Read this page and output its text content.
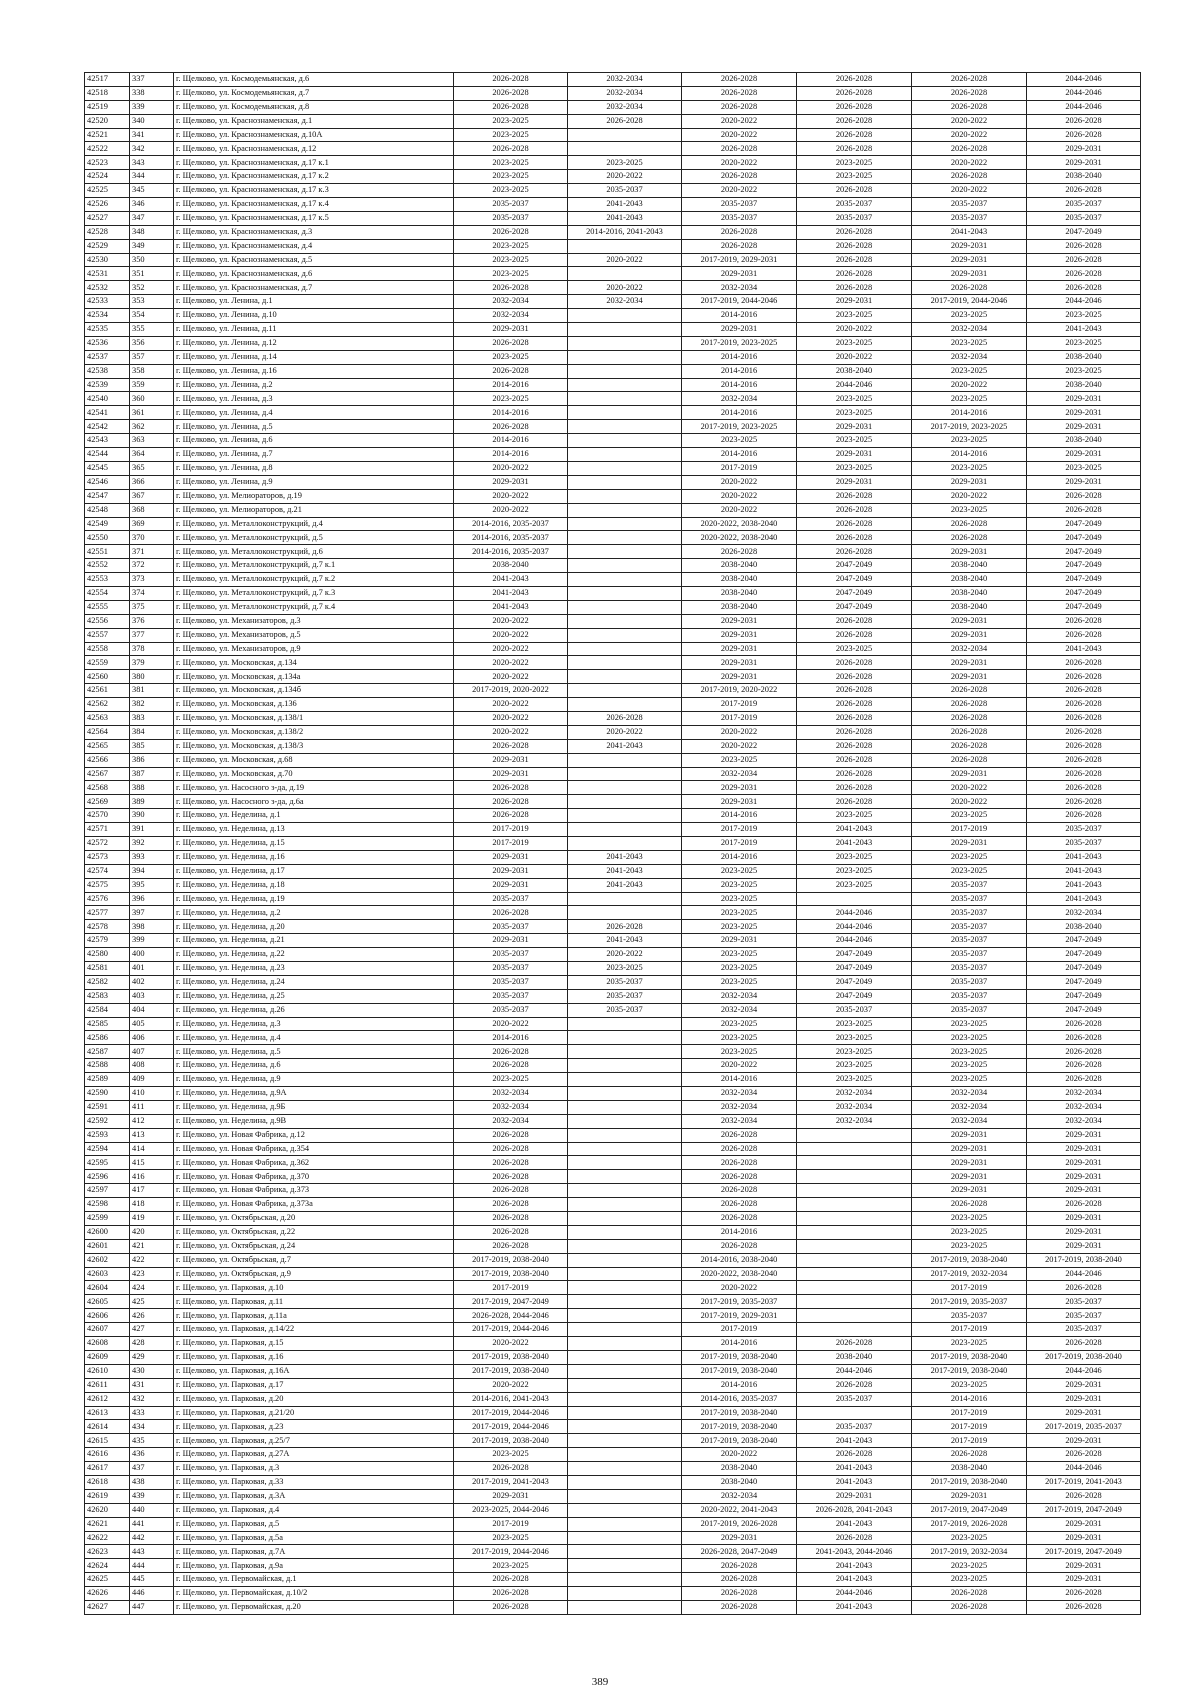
42517	337	г. Щелково, ул. Космодемьянская, д.6	2026-2028	2032-2034	2026-2028	2026-2028	2026-2028	2044-2046
42518	338	г. Щелково, ул. Космодемьянская, д.7	2026-2028	2032-2034	2026-2028	2026-2028	2026-2028	2044-2046
42519	339	г. Щелково, ул. Космодемьянская, д.8	2026-2028	2032-2034	2026-2028	2026-2028	2026-2028	2044-2046
42520	340	г. Щелково, ул. Краснознаменская, д.1	2023-2025	2026-2028	2020-2022	2026-2028	2020-2022	2026-2028
42521	341	г. Щелково, ул. Краснознаменская, д.10А	2023-2025		2020-2022	2026-2028	2020-2022	2026-2028
42522	342	г. Щелково, ул. Краснознаменская, д.12	2026-2028		2026-2028	2026-2028	2026-2028	2029-2031
42523	343	г. Щелково, ул. Краснознаменская, д.17 к.1	2023-2025	2023-2025	2020-2022	2023-2025	2020-2022	2029-2031
42524	344	г. Щелково, ул. Краснознаменская, д.17 к.2	2023-2025	2020-2022	2026-2028	2023-2025	2026-2028	2038-2040
42525	345	г. Щелково, ул. Краснознаменская, д.17 к.3	2023-2025	2035-2037	2020-2022	2026-2028	2020-2022	2026-2028
42526	346	г. Щелково, ул. Краснознаменская, д.17 к.4	2035-2037	2041-2043	2035-2037	2035-2037	2035-2037	2035-2037
42527	347	г. Щелково, ул. Краснознаменская, д.17 к.5	2035-2037	2041-2043	2035-2037	2035-2037	2035-2037	2035-2037
42528	348	г. Щелково, ул. Краснознаменская, д.3	2026-2028	2014-2016, 2041-2043	2026-2028	2026-2028	2041-2043	2047-2049
42529	349	г. Щелково, ул. Краснознаменская, д.4	2023-2025		2026-2028	2026-2028	2029-2031	2026-2028
42530	350	г. Щелково, ул. Краснознаменская, д.5	2023-2025	2020-2022	2017-2019, 2029-2031	2026-2028	2029-2031	2026-2028
42531	351	г. Щелково, ул. Краснознаменская, д.6	2023-2025		2029-2031	2026-2028	2029-2031	2026-2028
42532	352	г. Щелково, ул. Краснознаменская, д.7	2026-2028	2020-2022	2032-2034	2026-2028	2026-2028	2026-2028
42533	353	г. Щелково, ул. Ленина, д.1	2032-2034	2032-2034	2017-2019, 2044-2046	2029-2031	2017-2019, 2044-2046	2044-2046
42534	354	г. Щелково, ул. Ленина, д.10	2032-2034		2014-2016	2023-2025	2023-2025	2023-2025
42535	355	г. Щелково, ул. Ленина, д.11	2029-2031		2029-2031	2020-2022	2032-2034	2041-2043
42536	356	г. Щелково, ул. Ленина, д.12	2026-2028		2017-2019, 2023-2025	2023-2025	2023-2025	2023-2025
42537	357	г. Щелково, ул. Ленина, д.14	2023-2025		2014-2016	2020-2022	2032-2034	2038-2040
42538	358	г. Щелково, ул. Ленина, д.16	2026-2028		2014-2016	2038-2040	2023-2025	2023-2025
42539	359	г. Щелково, ул. Ленина, д.2	2014-2016		2014-2016	2044-2046	2020-2022	2038-2040
42540	360	г. Щелково, ул. Ленина, д.3	2023-2025		2032-2034	2023-2025	2023-2025	2029-2031
42541	361	г. Щелково, ул. Ленина, д.4	2014-2016		2014-2016	2023-2025	2014-2016	2029-2031
42542	362	г. Щелково, ул. Ленина, д.5	2026-2028		2017-2019, 2023-2025	2029-2031	2017-2019, 2023-2025	2029-2031
42543	363	г. Щелково, ул. Ленина, д.6	2014-2016		2023-2025	2023-2025	2023-2025	2038-2040
42544	364	г. Щелково, ул. Ленина, д.7	2014-2016		2014-2016	2029-2031	2014-2016	2029-2031
42545	365	г. Щелково, ул. Ленина, д.8	2020-2022		2017-2019	2023-2025	2023-2025	2023-2025
42546	366	г. Щелково, ул. Ленина, д.9	2029-2031		2020-2022	2029-2031	2029-2031	2029-2031
42547	367	г. Щелково, ул. Мелиораторов, д.19	2020-2022		2020-2022	2026-2028	2020-2022	2026-2028
42548	368	г. Щелково, ул. Мелиораторов, д.21	2020-2022		2020-2022	2026-2028	2023-2025	2026-2028
42549	369	г. Щелково, ул. Металлоконструкций, д.4	2014-2016, 2035-2037		2020-2022, 2038-2040	2026-2028	2026-2028	2047-2049
42550	370	г. Щелково, ул. Металлоконструкций, д.5	2014-2016, 2035-2037		2020-2022, 2038-2040	2026-2028	2026-2028	2047-2049
42551	371	г. Щелково, ул. Металлоконструкций, д.6	2014-2016, 2035-2037		2026-2028	2026-2028	2029-2031	2047-2049
42552	372	г. Щелково, ул. Металлоконструкций, д.7 к.1	2038-2040		2038-2040	2047-2049	2038-2040	2047-2049
42553	373	г. Щелково, ул. Металлоконструкций, д.7 к.2	2041-2043		2038-2040	2047-2049	2038-2040	2047-2049
42554	374	г. Щелково, ул. Металлоконструкций, д.7 к.3	2041-2043		2038-2040	2047-2049	2038-2040	2047-2049
42555	375	г. Щелково, ул. Металлоконструкций, д.7 к.4	2041-2043		2038-2040	2047-2049	2038-2040	2047-2049
42556	376	г. Щелково, ул. Механизаторов, д.3	2020-2022		2029-2031	2026-2028	2029-2031	2026-2028
42557	377	г. Щелково, ул. Механизаторов, д.5	2020-2022		2029-2031	2026-2028	2029-2031	2026-2028
42558	378	г. Щелково, ул. Механизаторов, д.9	2020-2022		2029-2031	2023-2025	2032-2034	2041-2043
42559	379	г. Щелково, ул. Московская, д.134	2020-2022		2029-2031	2026-2028	2029-2031	2026-2028
42560	380	г. Щелково, ул. Московская, д.134а	2020-2022		2029-2031	2026-2028	2029-2031	2026-2028
42561	381	г. Щелково, ул. Московская, д.134б	2017-2019, 2020-2022		2017-2019, 2020-2022	2026-2028	2026-2028	2026-2028
42562	382	г. Щелково, ул. Московская, д.136	2020-2022		2017-2019	2026-2028	2026-2028	2026-2028
42563	383	г. Щелково, ул. Московская, д.138/1	2020-2022	2026-2028	2017-2019	2026-2028	2026-2028	2026-2028
42564	384	г. Щелково, ул. Московская, д.138/2	2020-2022	2020-2022	2020-2022	2026-2028	2026-2028	2026-2028
42565	385	г. Щелково, ул. Московская, д.138/3	2026-2028	2041-2043	2020-2022	2026-2028	2026-2028	2026-2028
42566	386	г. Щелково, ул. Московская, д.68	2029-2031		2023-2025	2026-2028	2026-2028	2026-2028
42567	387	г. Щелково, ул. Московская, д.70	2029-2031		2032-2034	2026-2028	2029-2031	2026-2028
42568	388	г. Щелково, ул. Насосного з-да, д.19	2026-2028		2029-2031	2026-2028	2020-2022	2026-2028
42569	389	г. Щелково, ул. Насосного з-да, д.6а	2026-2028		2029-2031	2026-2028	2020-2022	2026-2028
42570	390	г. Щелково, ул. Неделина, д.1	2026-2028		2014-2016	2023-2025	2023-2025	2026-2028
42571	391	г. Щелково, ул. Неделина, д.13	2017-2019		2017-2019	2041-2043	2017-2019	2035-2037
42572	392	г. Щелково, ул. Неделина, д.15	2017-2019		2017-2019	2041-2043	2029-2031	2035-2037
42573	393	г. Щелково, ул. Неделина, д.16	2029-2031	2041-2043	2014-2016	2023-2025	2023-2025	2041-2043
42574	394	г. Щелково, ул. Неделина, д.17	2029-2031	2041-2043	2023-2025	2023-2025	2023-2025	2041-2043
42575	395	г. Щелково, ул. Неделина, д.18	2029-2031	2041-2043	2023-2025	2023-2025	2035-2037	2041-2043
42576	396	г. Щелково, ул. Неделина, д.19	2035-2037		2023-2025		2035-2037	2041-2043
42577	397	г. Щелково, ул. Неделина, д.2	2026-2028		2023-2025	2044-2046	2035-2037	2032-2034
42578	398	г. Щелково, ул. Неделина, д.20	2035-2037	2026-2028	2023-2025	2044-2046	2035-2037	2038-2040
42579	399	г. Щелково, ул. Неделина, д.21	2029-2031	2041-2043	2029-2031	2044-2046	2035-2037	2047-2049
42580	400	г. Щелково, ул. Неделина, д.22	2035-2037	2020-2022	2023-2025	2047-2049	2035-2037	2047-2049
42581	401	г. Щелково, ул. Неделина, д.23	2035-2037	2023-2025	2023-2025	2047-2049	2035-2037	2047-2049
42582	402	г. Щелково, ул. Неделина, д.24	2035-2037	2035-2037	2023-2025	2047-2049	2035-2037	2047-2049
42583	403	г. Щелково, ул. Неделина, д.25	2035-2037	2035-2037	2032-2034	2047-2049	2035-2037	2047-2049
42584	404	г. Щелково, ул. Неделина, д.26	2035-2037	2035-2037	2032-2034	2035-2037	2035-2037	2047-2049
42585	405	г. Щелково, ул. Неделина, д.3	2020-2022		2023-2025	2023-2025	2023-2025	2026-2028
42586	406	г. Щелково, ул. Неделина, д.4	2014-2016		2023-2025	2023-2025	2023-2025	2026-2028
42587	407	г. Щелково, ул. Неделина, д.5	2026-2028		2023-2025	2023-2025	2023-2025	2026-2028
42588	408	г. Щелково, ул. Неделина, д.6	2026-2028		2020-2022	2023-2025	2023-2025	2026-2028
42589	409	г. Щелково, ул. Неделина, д.9	2023-2025		2014-2016	2023-2025	2023-2025	2026-2028
42590	410	г. Щелково, ул. Неделина, д.9А	2032-2034		2032-2034	2032-2034	2032-2034	2032-2034
42591	411	г. Щелково, ул. Неделина, д.9Б	2032-2034		2032-2034	2032-2034	2032-2034	2032-2034
42592	412	г. Щелково, ул. Неделина, д.9В	2032-2034		2032-2034	2032-2034	2032-2034	2032-2034
42593	413	г. Щелково, ул. Новая Фабрика, д.12	2026-2028		2026-2028		2029-2031	2029-2031
42594	414	г. Щелково, ул. Новая Фабрика, д.354	2026-2028		2026-2028		2029-2031	2029-2031
42595	415	г. Щелково, ул. Новая Фабрика, д.362	2026-2028		2026-2028		2029-2031	2029-2031
42596	416	г. Щелково, ул. Новая Фабрика, д.370	2026-2028		2026-2028		2029-2031	2029-2031
42597	417	г. Щелково, ул. Новая Фабрика, д.373	2026-2028		2026-2028		2029-2031	2029-2031
42598	418	г. Щелково, ул. Новая Фабрика, д.373а	2026-2028		2026-2028		2026-2028	2026-2028
42599	419	г. Щелково, ул. Октябрьская, д.20	2026-2028		2026-2028		2023-2025	2029-2031
42600	420	г. Щелково, ул. Октябрьская, д.22	2026-2028		2014-2016		2023-2025	2029-2031
42601	421	г. Щелково, ул. Октябрьская, д.24	2026-2028		2026-2028		2023-2025	2029-2031
42602	422	г. Щелково, ул. Октябрьская, д.7	2017-2019, 2038-2040		2014-2016, 2038-2040		2017-2019, 2038-2040	2017-2019, 2038-2040
42603	423	г. Щелково, ул. Октябрьская, д.9	2017-2019, 2038-2040		2020-2022, 2038-2040		2017-2019, 2032-2034	2044-2046
42604	424	г. Щелково, ул. Парковая, д.10	2017-2019		2020-2022		2017-2019	2026-2028
42605	425	г. Щелково, ул. Парковая, д.11	2017-2019, 2047-2049		2017-2019, 2035-2037		2017-2019, 2035-2037	2035-2037
42606	426	г. Щелково, ул. Парковая, д.11а	2026-2028, 2044-2046		2017-2019, 2029-2031		2035-2037	2035-2037
42607	427	г. Щелково, ул. Парковая, д.14/22	2017-2019, 2044-2046		2017-2019		2017-2019	2035-2037
42608	428	г. Щелково, ул. Парковая, д.15	2020-2022		2014-2016	2026-2028	2023-2025	2026-2028
42609	429	г. Щелково, ул. Парковая, д.16	2017-2019, 2038-2040		2017-2019, 2038-2040	2038-2040	2017-2019, 2038-2040	2017-2019, 2038-2040
42610	430	г. Щелково, ул. Парковая, д.16А	2017-2019, 2038-2040		2017-2019, 2038-2040	2044-2046	2017-2019, 2038-2040	2044-2046
42611	431	г. Щелково, ул. Парковая, д.17	2020-2022		2014-2016	2026-2028	2023-2025	2029-2031
42612	432	г. Щелково, ул. Парковая, д.20	2014-2016, 2041-2043		2014-2016, 2035-2037	2035-2037	2014-2016	2029-2031
42613	433	г. Щелково, ул. Парковая, д.21/20	2017-2019, 2044-2046		2017-2019, 2038-2040		2017-2019	2029-2031
42614	434	г. Щелково, ул. Парковая, д.23	2017-2019, 2044-2046		2017-2019, 2038-2040	2035-2037	2017-2019	2017-2019, 2035-2037
42615	435	г. Щелково, ул. Парковая, д.25/7	2017-2019, 2038-2040		2017-2019, 2038-2040	2041-2043	2017-2019	2029-2031
42616	436	г. Щелково, ул. Парковая, д.27А	2023-2025		2020-2022	2026-2028	2026-2028	2026-2028
42617	437	г. Щелково, ул. Парковая, д.3	2026-2028		2038-2040	2041-2043	2038-2040	2044-2046
42618	438	г. Щелково, ул. Парковая, д.33	2017-2019, 2041-2043		2038-2040	2041-2043	2017-2019, 2038-2040	2017-2019, 2041-2043
42619	439	г. Щелково, ул. Парковая, д.3А	2029-2031		2032-2034	2029-2031	2029-2031	2026-2028
42620	440	г. Щелково, ул. Парковая, д.4	2023-2025, 2044-2046		2020-2022, 2041-2043	2026-2028, 2041-2043	2017-2019, 2047-2049	2017-2019, 2047-2049
42621	441	г. Щелково, ул. Парковая, д.5	2017-2019		2017-2019, 2026-2028	2041-2043	2017-2019, 2026-2028	2029-2031
42622	442	г. Щелково, ул. Парковая, д.5а	2023-2025		2029-2031	2026-2028	2023-2025	2029-2031
42623	443	г. Щелково, ул. Парковая, д.7А	2017-2019, 2044-2046		2026-2028, 2047-2049	2041-2043, 2044-2046	2017-2019, 2032-2034	2017-2019, 2047-2049
42624	444	г. Щелково, ул. Парковая, д.9а	2023-2025		2026-2028	2041-2043	2023-2025	2029-2031
42625	445	г. Щелково, ул. Первомайская, д.1	2026-2028		2026-2028	2041-2043	2023-2025	2029-2031
42626	446	г. Щелково, ул. Первомайская, д.10/2	2026-2028		2026-2028	2044-2046	2026-2028	2026-2028
42627	447	г. Щелково, ул. Первомайская, д.20	2026-2028		2026-2028	2041-2043	2026-2028	2026-2028
389
